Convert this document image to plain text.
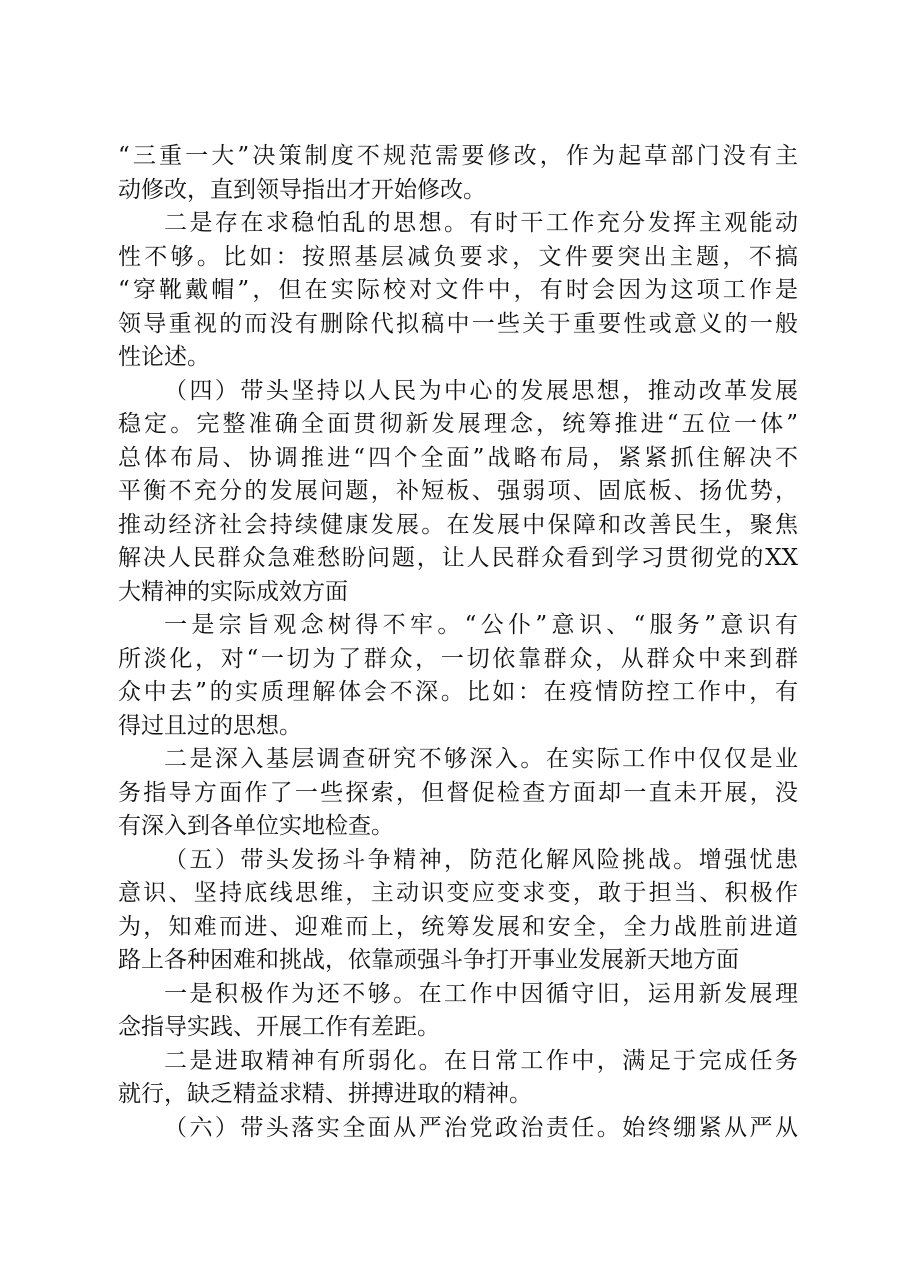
“三重一大”决策制度不规范需要修改，作为起草部门没有主
动修改，直到领导指出才开始修改。
二是存在求稳怕乱的思想。有时干工作充分发挥主观能动
性不够。比如：按照基层减负要求，文件要突出主题，不搞
“穿靴戴帽”，但在实际校对文件中，有时会因为这项工作是
领导重视的而没有删除代拟稿中一些关于重要性或意义的一般
性论述。
（四）带头坚持以人民为中心的发展思想，推动改革发展
稳定。完整准确全面贯彻新发展理念，统筹推进“五位一体”
总体布局、协调推进“四个全面”战略布局，紧紧抓住解决不
平衡不充分的发展问题，补短板、强弱项、固底板、扬优势，
推动经济社会持续健康发展。在发展中保障和改善民生，聚焦
解决人民群众急难愁盼问题，让人民群众看到学习贯彻党的XX
大精神的实际成效方面
一是宗旨观念树得不牢。“公仆”意识、“服务”意识有
所淡化，对“一切为了群众，一切依靠群众，从群众中来到群
众中去”的实质理解体会不深。比如：在疫情防控工作中，有
得过且过的思想。
二是深入基层调查研究不够深入。在实际工作中仅仅是业
务指导方面作了一些探索，但督促检查方面却一直未开展，没
有深入到各单位实地检查。
（五）带头发扬斗争精神，防范化解风险挑战。增强忧患
意识、坚持底线思维，主动识变应变求变，敢于担当、积极作
为，知难而进、迎难而上，统筹发展和安全，全力战胜前进道
路上各种困难和挑战，依靠顽强斗争打开事业发展新天地方面
一是积极作为还不够。在工作中因循守旧，运用新发展理
念指导实践、开展工作有差距。
二是进取精神有所弱化。在日常工作中，满足于完成任务
就行，缺乏精益求精、拼搏进取的精神。
（六）带头落实全面从严治党政治责任。始终绷紧从严从
